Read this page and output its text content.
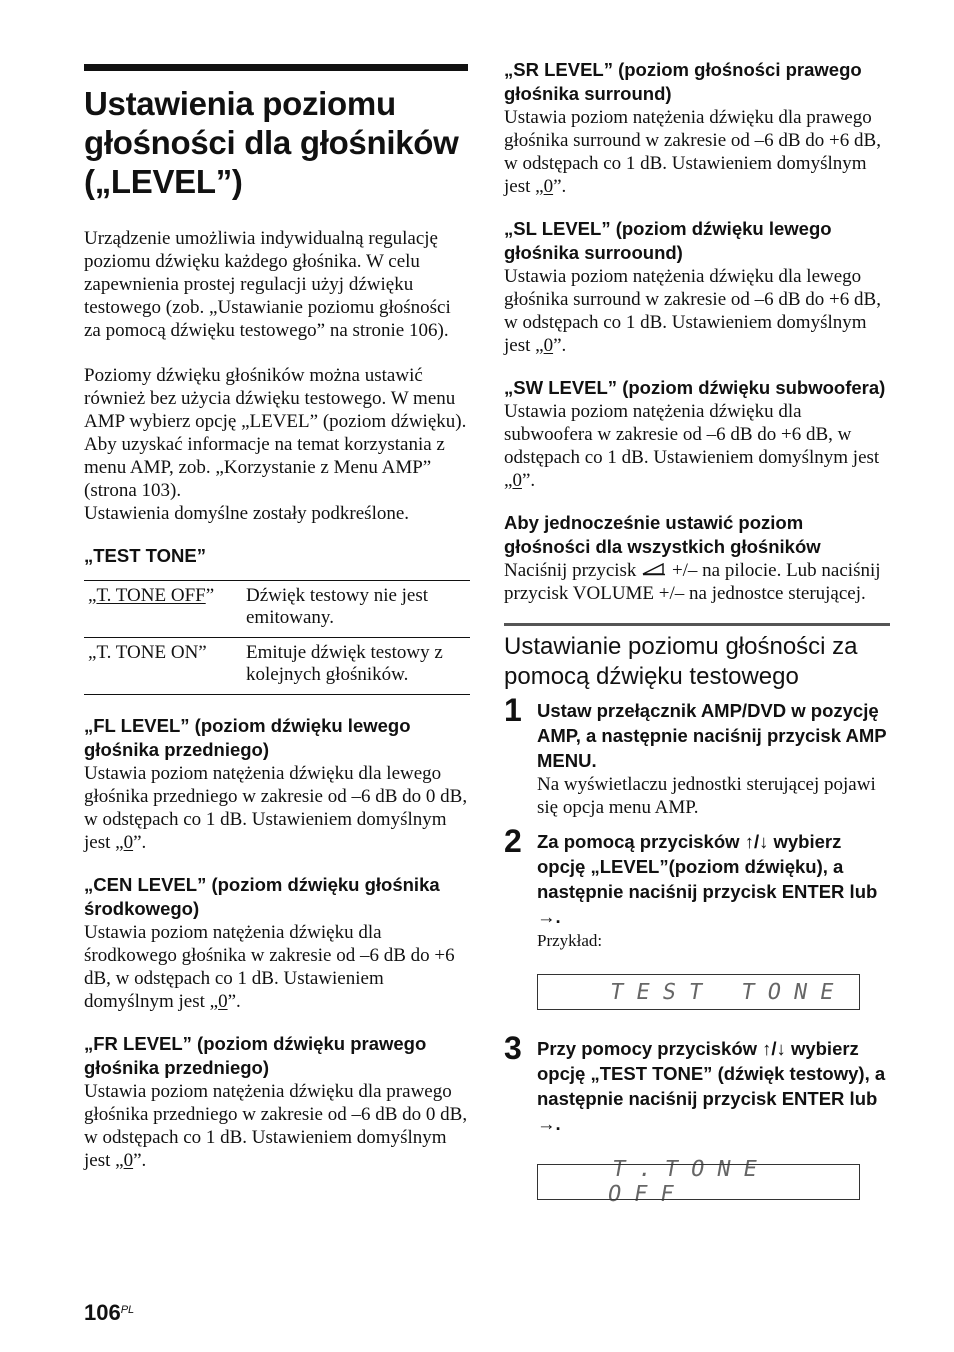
Ustawienia poziomu głośności dla głośników („LEVEL”)

Urządzenie umożliwia indywidualną regulację poziomu dźwięku każdego głośnika. W celu zapewnienia prostej regulacji użyj dźwięku testowego (zob. „Ustawianie poziomu głośności za pomocą dźwięku testowego” na stronie 106).

Poziomy dźwięku głośników można ustawić również bez użycia dźwięku testowego. W menu AMP wybierz opcję „LEVEL” (poziom dźwięku). Aby uzyskać informacje na temat korzystania z menu AMP, zob. „Korzystanie z Menu AMP” (strona 103).

Ustawienia domyślne zostały podkreślone.

„TEST TONE”

„T. TONE OFF”	Dźwięk testowy nie jest emitowany.
„T. TONE ON”	Emituje dźwięk testowy z kolejnych głośników.

„FL LEVEL” (poziom dźwięku lewego głośnika przedniego)

Ustawia poziom natężenia dźwięku dla lewego głośnika przedniego w zakresie od –6 dB do 0 dB, w odstępach co 1 dB. Ustawieniem domyślnym jest „0”.

„CEN LEVEL” (poziom dźwięku głośnika środkowego)

Ustawia poziom natężenia dźwięku dla środkowego głośnika w zakresie od –6 dB do +6 dB, w odstępach co 1 dB. Ustawieniem domyślnym jest „0”.

„FR LEVEL” (poziom dźwięku prawego głośnika przedniego)

Ustawia poziom natężenia dźwięku dla prawego głośnika przedniego w zakresie od –6 dB do 0 dB, w odstępach co 1 dB. Ustawieniem domyślnym jest „0”.

„SR LEVEL” (poziom głośności prawego głośnika surround)

Ustawia poziom natężenia dźwięku dla prawego głośnika surround w zakresie od –6 dB do +6 dB, w odstępach co 1 dB. Ustawieniem domyślnym jest „0”.

„SL LEVEL” (poziom dźwięku lewego głośnika surroound)

Ustawia poziom natężenia dźwięku dla lewego głośnika surround w zakresie od –6 dB do +6 dB, w odstępach co 1 dB. Ustawieniem domyślnym jest „0”.

„SW LEVEL” (poziom dźwięku subwoofera)

Ustawia poziom natężenia dźwięku dla subwoofera w zakresie od –6 dB do +6 dB, w odstępach co 1 dB. Ustawieniem domyślnym jest „0”.

Aby jednocześnie ustawić poziom głośności dla wszystkich głośników

Naciśnij przycisk +/– na pilocie. Lub naciśnij przycisk VOLUME +/– na jednostce sterującej.

Ustawianie poziomu głośności za pomocą dźwięku testowego
1 Ustaw przełącznik AMP/DVD w pozycję AMP, a następnie naciśnij przycisk AMP MENU.

Na wyświetlaczu jednostki sterującej pojawi się opcja menu AMP.

2 Za pomocą przycisków ↑/↓ wybierz opcję „LEVEL”(poziom dźwięku), a następnie naciśnij przycisk ENTER lub →.

Przykład:

TEST TONE
3 Przy pomocy przycisków ↑/↓ wybierz opcję „TEST TONE” (dźwięk testowy), a następnie naciśnij przycisk ENTER lub →.

T.TONE OFF
$106^{PL}$
